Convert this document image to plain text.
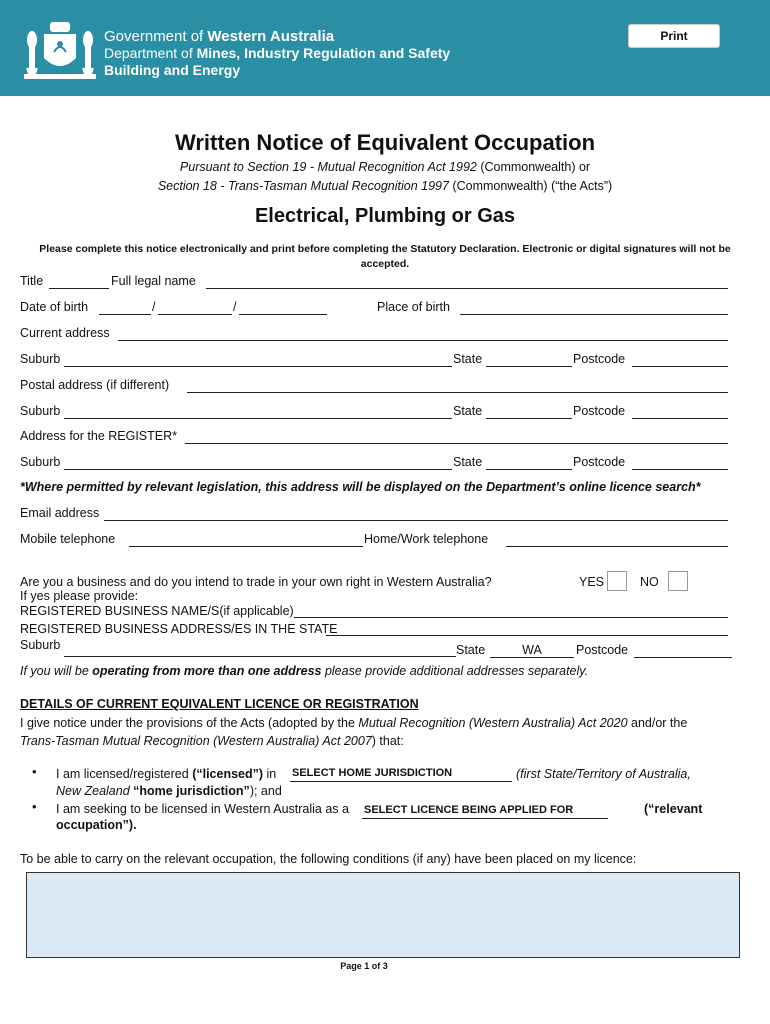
Government of Western Australia
Department of Mines, Industry Regulation and Safety
Building and Energy
Print
Written Notice of Equivalent Occupation
Pursuant to Section 19 - Mutual Recognition Act 1992 (Commonwealth) or
Section 18 - Trans-Tasman Mutual Recognition 1997 (Commonwealth) (“the Acts”)
Electrical, Plumbing or Gas
Please complete this notice electronically and print before completing the Statutory Declaration. Electronic or digital signatures will not be accepted.
Title	Full legal name
Date of birth	/	/	Place of birth
Current address
Suburb	State	Postcode
Postal address (if different)
Suburb	State	Postcode
Address for the REGISTER*
Suburb	State	Postcode
*Where permitted by relevant legislation, this address will be displayed on the Department’s online licence search*
Email address
Mobile telephone	Home/Work telephone
Are you a business and do you intend to trade in your own right in Western Australia?	YES	NO
If yes please provide:
REGISTERED BUSINESS NAME/S(if applicable)
REGISTERED BUSINESS ADDRESS/ES IN THE STATE
Suburb	State	WA	Postcode
If you will be operating from more than one address please provide additional addresses separately.
DETAILS OF CURRENT EQUIVALENT LICENCE OR REGISTRATION
I give notice under the provisions of the Acts (adopted by the Mutual Recognition (Western Australia) Act 2020 and/or the
Trans-Tasman Mutual Recognition (Western Australia) Act 2007) that:
• I am licensed/registered (“licensed”) in SELECT HOME JURISDICTION	(first State/Territory of Australia,
New Zealand “home jurisdiction”); and
• I am seeking to be licensed in Western Australia as a SELECT LICENCE BEING APPLIED FOR	(“relevant
occupation”).
To be able to carry on the relevant occupation, the following conditions (if any) have been placed on my licence:
Page 1 of 3
